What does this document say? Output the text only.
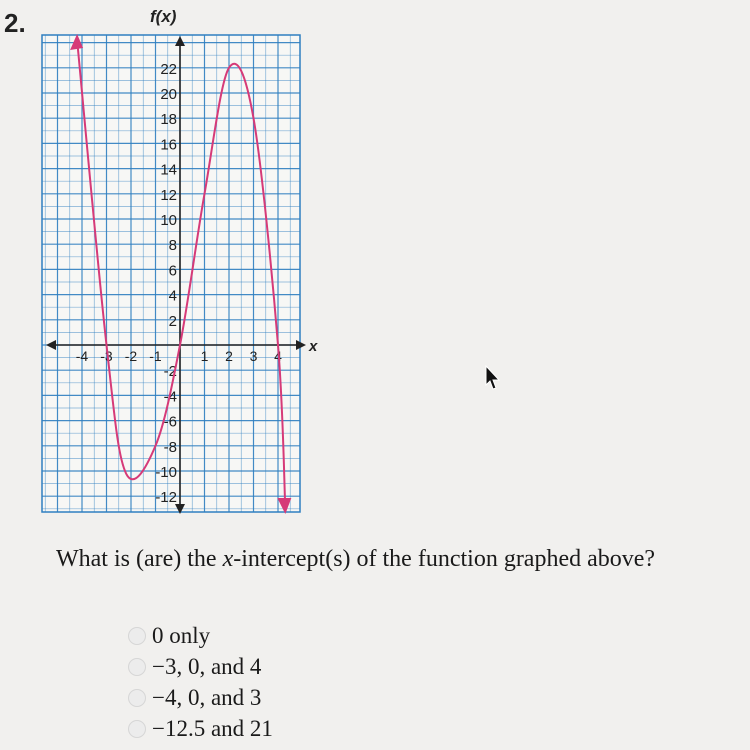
2.	f(x)
x
22
20
18
16
14
12
10
8
6
4
2
-2
-4
-6
-8
-10
-12
-4 -3 -2 -1	1 2 3 4
What is (are) the x-intercept(s) of the function graphed above?
0 only
−3, 0, and 4
−4, 0, and 3
−12.5 and 21
